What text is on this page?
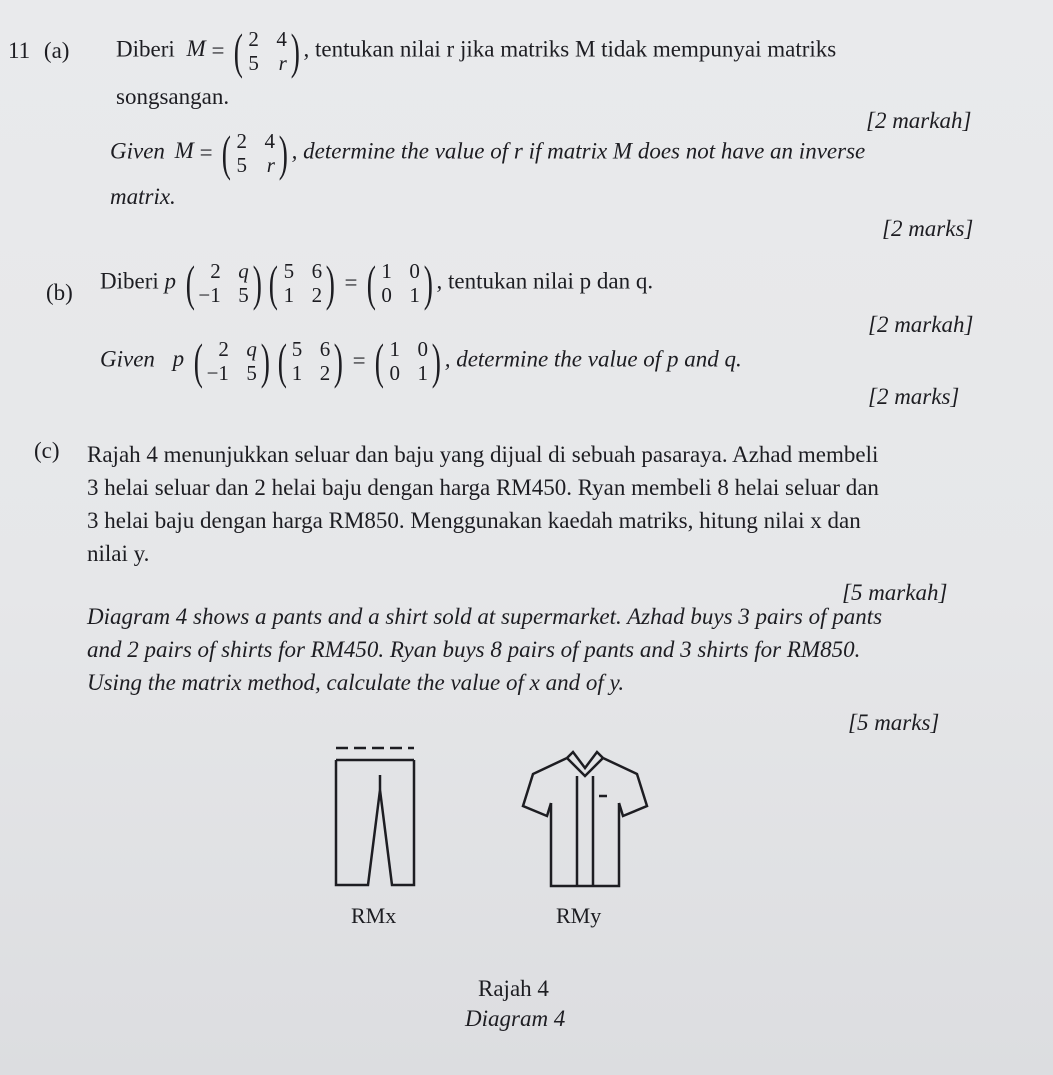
11 (a) Diberi M = ( 2 4
5 r ) , tentukan nilai r jika matriks M tidak mempunyai matriks
songsangan.
[2 markah]
Given M = ( 2 4
5 r ) , determine the value of r if matrix M does not have an inverse
matrix.
[2 marks]
(b) Diberi p ( 2 q
−1 5 ) ( 5 6
1 2 ) = ( 1 0
0 1 ) , tentukan nilai p dan q.
[2 markah]
Given p ( 2 q
−1 5 ) ( 5 6
1 2 ) = ( 1 0
0 1 ) , determine the value of p and q.
[2 marks]
(c) Rajah 4 menunjukkan seluar dan baju yang dijual di sebuah pasaraya. Azhad membeli
3 helai seluar dan 2 helai baju dengan harga RM450. Ryan membeli 8 helai seluar dan
3 helai baju dengan harga RM850. Menggunakan kaedah matriks, hitung nilai x dan
nilai y.
[5 markah]
Diagram 4 shows a pants and a shirt sold at supermarket. Azhad buys 3 pairs of pants
and 2 pairs of shirts for RM450. Ryan buys 8 pairs of pants and 3 shirts for RM850.
Using the matrix method, calculate the value of x and of y.
[5 marks]
RMx	RMy
Rajah 4
Diagram 4
